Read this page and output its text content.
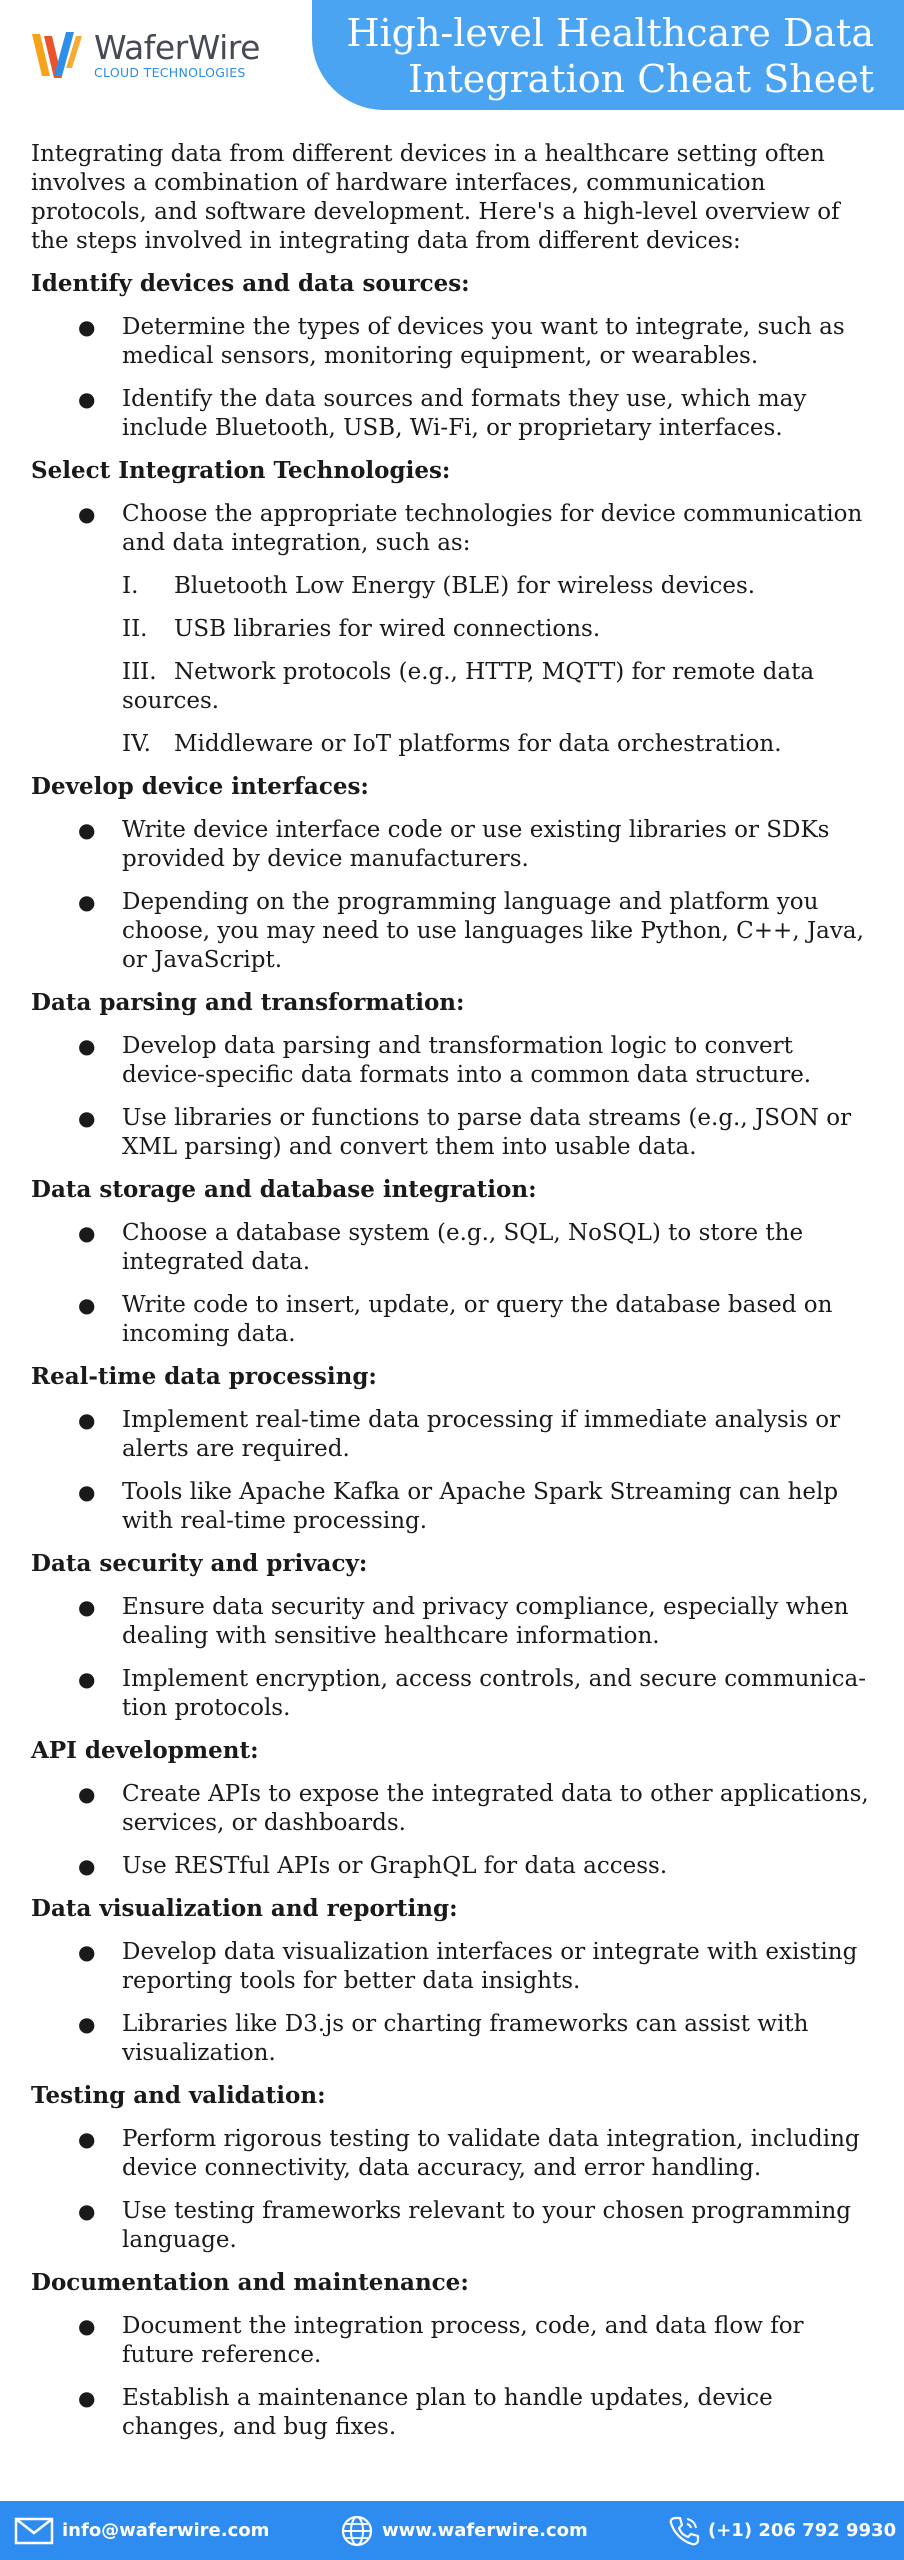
WaferWire
CLOUD TECHNOLOGIES
High-level Healthcare Data
Integration Cheat Sheet

Integrating data from different devices in a healthcare setting often involves a combination of hardware interfaces, communication protocols, and software development. Here's a high-level overview of the steps involved in integrating data from different devices:

Identify devices and data sources:
● Determine the types of devices you want to integrate, such as medical sensors, monitoring equipment, or wearables.
● Identify the data sources and formats they use, which may include Bluetooth, USB, Wi-Fi, or proprietary interfaces.
Select Integration Technologies:
● Choose the appropriate technologies for device communication and data integration, such as:
I. Bluetooth Low Energy (BLE) for wireless devices.
II. USB libraries for wired connections.
III. Network protocols (e.g., HTTP, MQTT) for remote data sources.
IV. Middleware or IoT platforms for data orchestration.
Develop device interfaces:
● Write device interface code or use existing libraries or SDKs provided by device manufacturers.
● Depending on the programming language and platform you choose, you may need to use languages like Python, C++, Java, or JavaScript.
Data parsing and transformation:
● Develop data parsing and transformation logic to convert device-specific data formats into a common data structure.
● Use libraries or functions to parse data streams (e.g., JSON or XML parsing) and convert them into usable data.
Data storage and database integration:
● Choose a database system (e.g., SQL, NoSQL) to store the integrated data.
● Write code to insert, update, or query the database based on incoming data.
Real-time data processing:
● Implement real-time data processing if immediate analysis or alerts are required.
● Tools like Apache Kafka or Apache Spark Streaming can help with real-time processing.
Data security and privacy:
● Ensure data security and privacy compliance, especially when dealing with sensitive healthcare information.
● Implement encryption, access controls, and secure communica-tion protocols.
API development:
● Create APIs to expose the integrated data to other applications, services, or dashboards.
● Use RESTful APIs or GraphQL for data access.
Data visualization and reporting:
● Develop data visualization interfaces or integrate with existing reporting tools for better data insights.
● Libraries like D3.js or charting frameworks can assist with visualization.
Testing and validation:
● Perform rigorous testing to validate data integration, including device connectivity, data accuracy, and error handling.
● Use testing frameworks relevant to your chosen programming language.
Documentation and maintenance:
● Document the integration process, code, and data flow for future reference.
● Establish a maintenance plan to handle updates, device changes, and bug fixes.
info@waferwire.com	www.waferwire.com	(+1) 206 792 9930
